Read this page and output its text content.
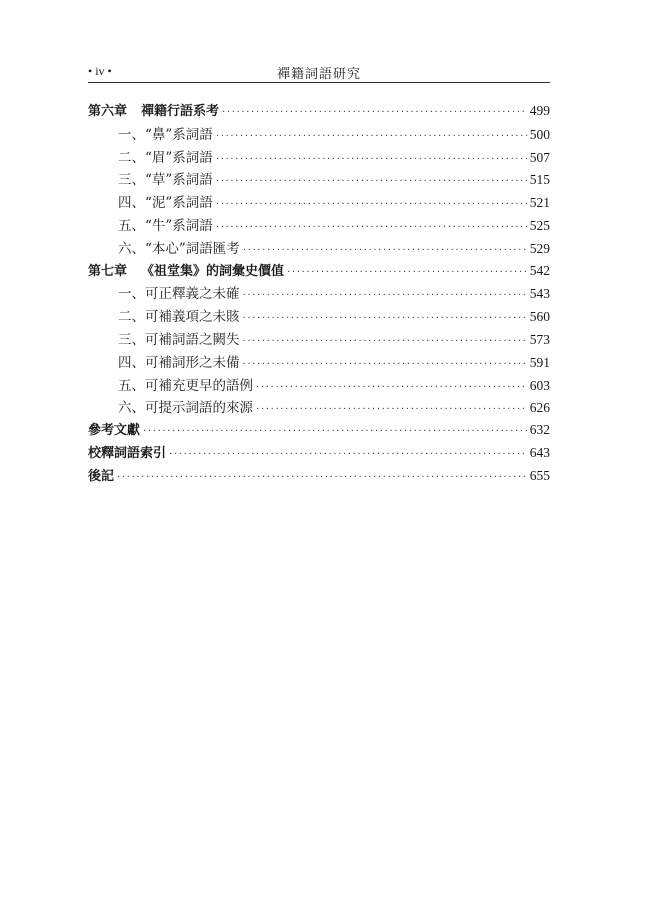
• iv •	禪籍詞語研究
第六章 禪籍行語系考 ·····	499
一、 “鼻”系詞語 ·····	500
二、 “眉”系詞語 ·····	507
三、 “草”系詞語 ·····	515
四、 “泥”系詞語 ·····	521
五、 “牛”系詞語 ·····	525
六、 “本心”詞語匯考 ·····	529
第七章 《祖堂集》的詞彙史價值 ·····	542
一、 可正釋義之未確 ·····	543
二、 可補義項之未賅 ·····	560
三、 可補詞語之闕失 ·····	573
四、 可補詞形之未備 ·····	591
五、 可補充更早的語例 ·····	603
六、 可提示詞語的來源 ·····	626
參考文獻 ·····	632
校釋詞語索引 ·····	643
後記 ·····	655
